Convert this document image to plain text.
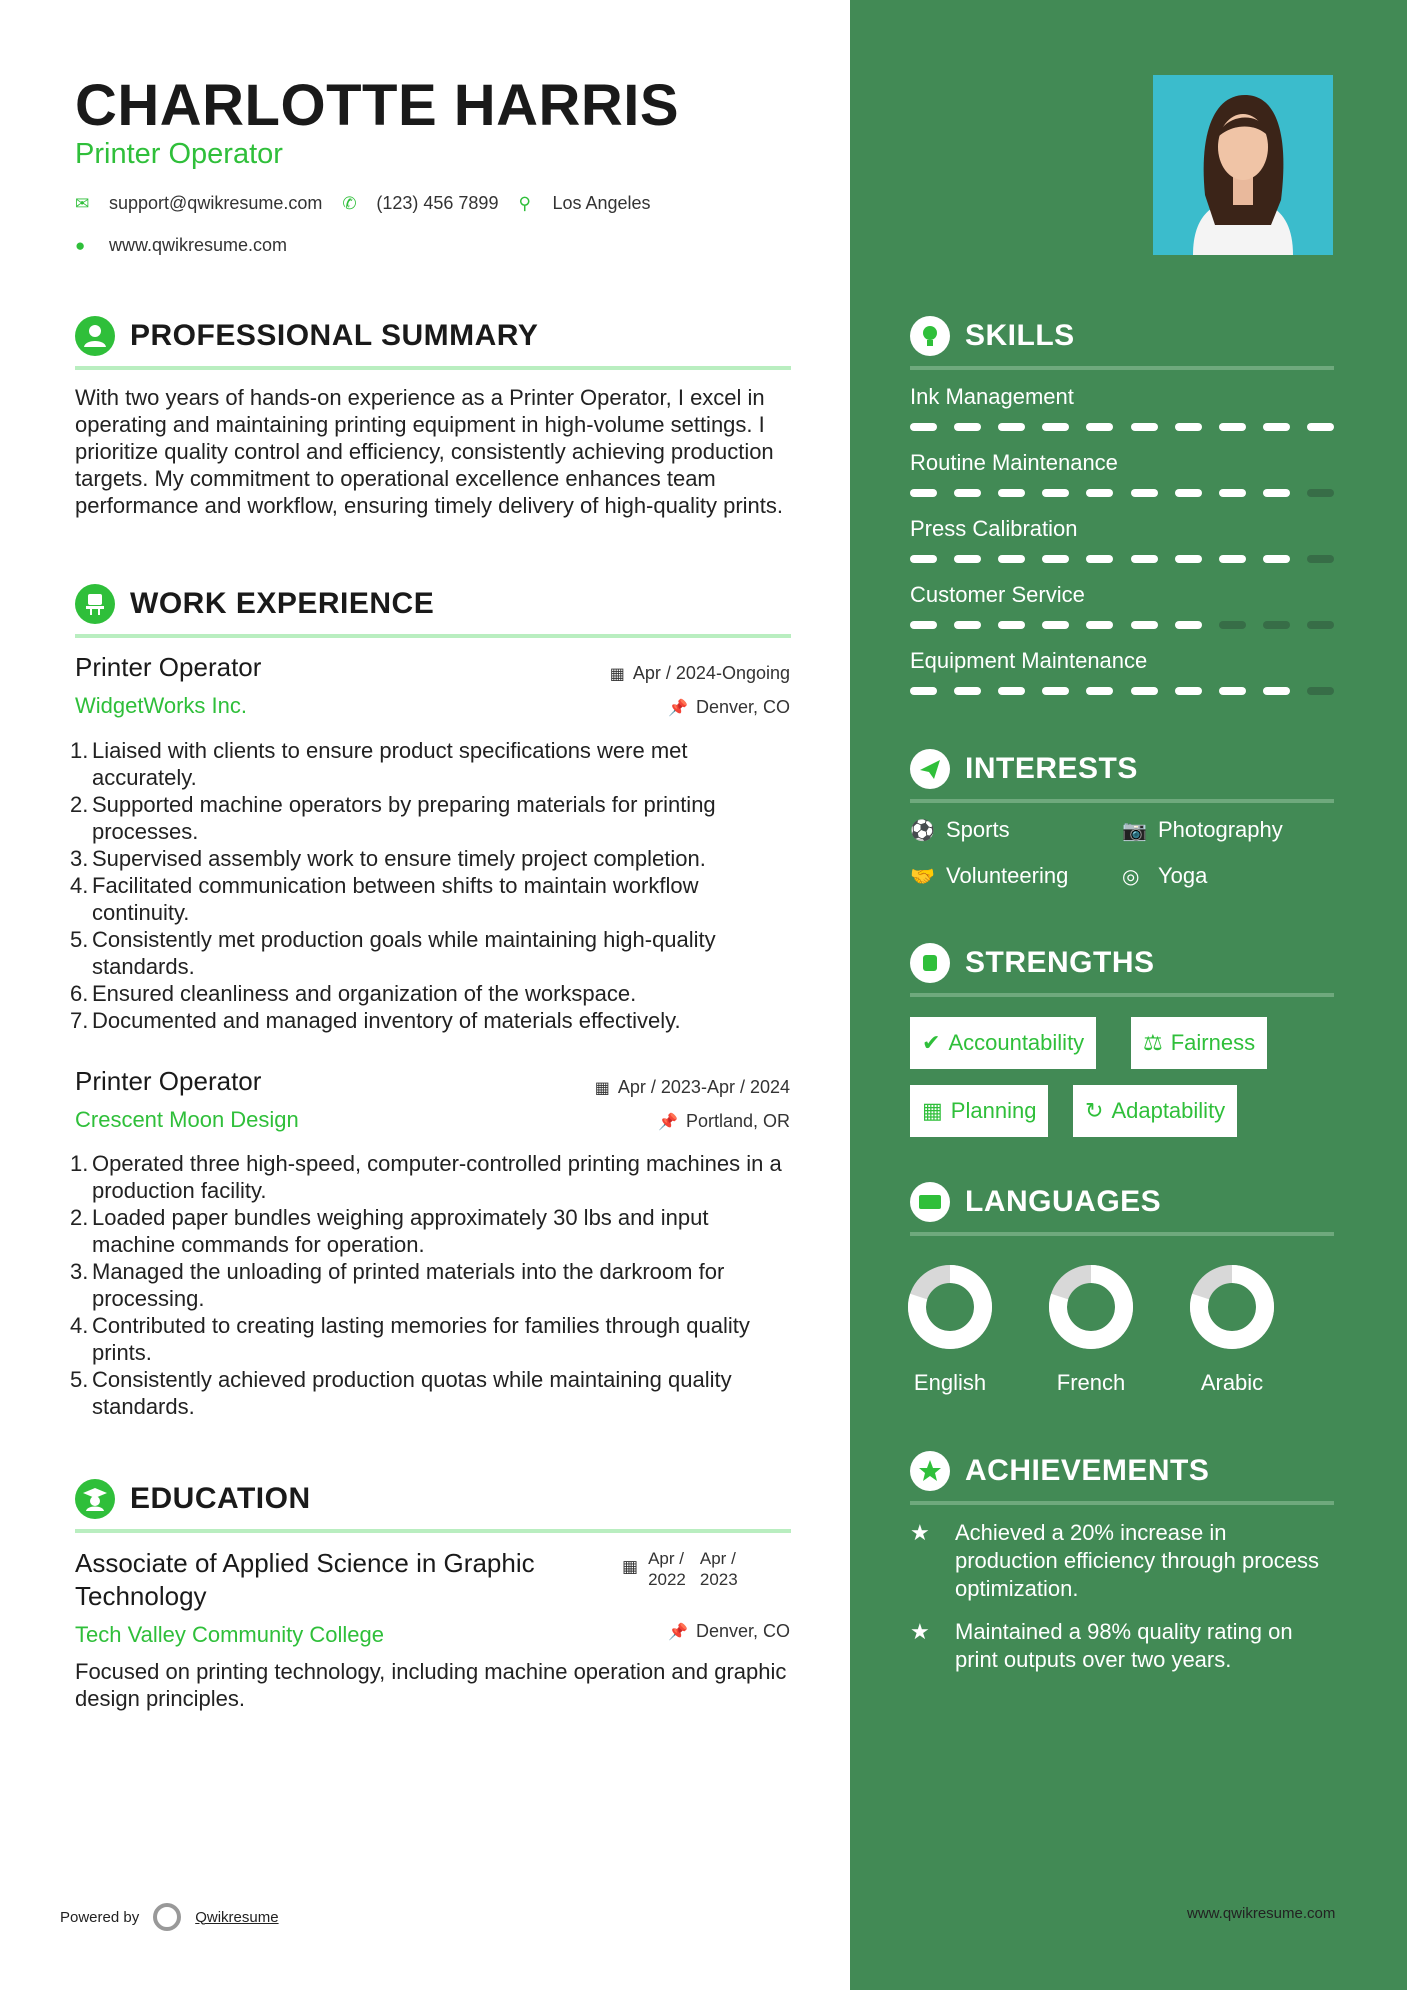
CHARLOTTE HARRIS
Printer Operator
✉	support@qwikresume.com ✆	(123) 456 7899 ⚲	Los Angeles
●	www.qwikresume.com
PROFESSIONAL SUMMARY
With two years of hands-on experience as a Printer Operator, I excel in operating and maintaining printing equipment in high-volume settings. I prioritize quality control and efficiency, consistently achieving production targets. My commitment to operational excellence enhances team performance and workflow, ensuring timely delivery of high-quality prints.
WORK EXPERIENCE
Printer Operator
WidgetWorks Inc.
▦ Apr / 2024-Ongoing
📌 Denver, CO
1. Liaised with clients to ensure product specifications were met accurately.
2. Supported machine operators by preparing materials for printing processes.
3. Supervised assembly work to ensure timely project completion.
4. Facilitated communication between shifts to maintain workflow continuity.
5. Consistently met production goals while maintaining high-quality standards.
6. Ensured cleanliness and organization of the workspace.
7. Documented and managed inventory of materials effectively.
Printer Operator
Crescent Moon Design
▦ Apr / 2023-Apr / 2024
📌 Portland, OR
1. Operated three high-speed, computer-controlled printing machines in a production facility.
2. Loaded paper bundles weighing approximately 30 lbs and input machine commands for operation.
3. Managed the unloading of printed materials into the darkroom for processing.
4. Contributed to creating lasting memories for families through quality prints.
5. Consistently achieved production quotas while maintaining quality standards.
EDUCATION
Associate of Applied Science in Graphic
Technology
▦ Apr /
2022
Apr /
2023
Tech Valley Community College	📌 Denver, CO
Focused on printing technology, including machine operation and graphic design principles.
Powered by	Qwikresume
SKILLS
Ink Management
Routine Maintenance
Press Calibration
Customer Service
Equipment Maintenance
INTERESTS
⚽ Sports	📷 Photography
🤝 Volunteering	◎ Yoga
STRENGTHS
✔ Accountability	⚖ Fairness
▦ Planning	↻ Adaptability
LANGUAGES
English	French	Arabic
ACHIEVEMENTS
★	Achieved a 20% increase in production efficiency through process optimization.
★	Maintained a 98% quality rating on print outputs over two years.
www.qwikresume.com
